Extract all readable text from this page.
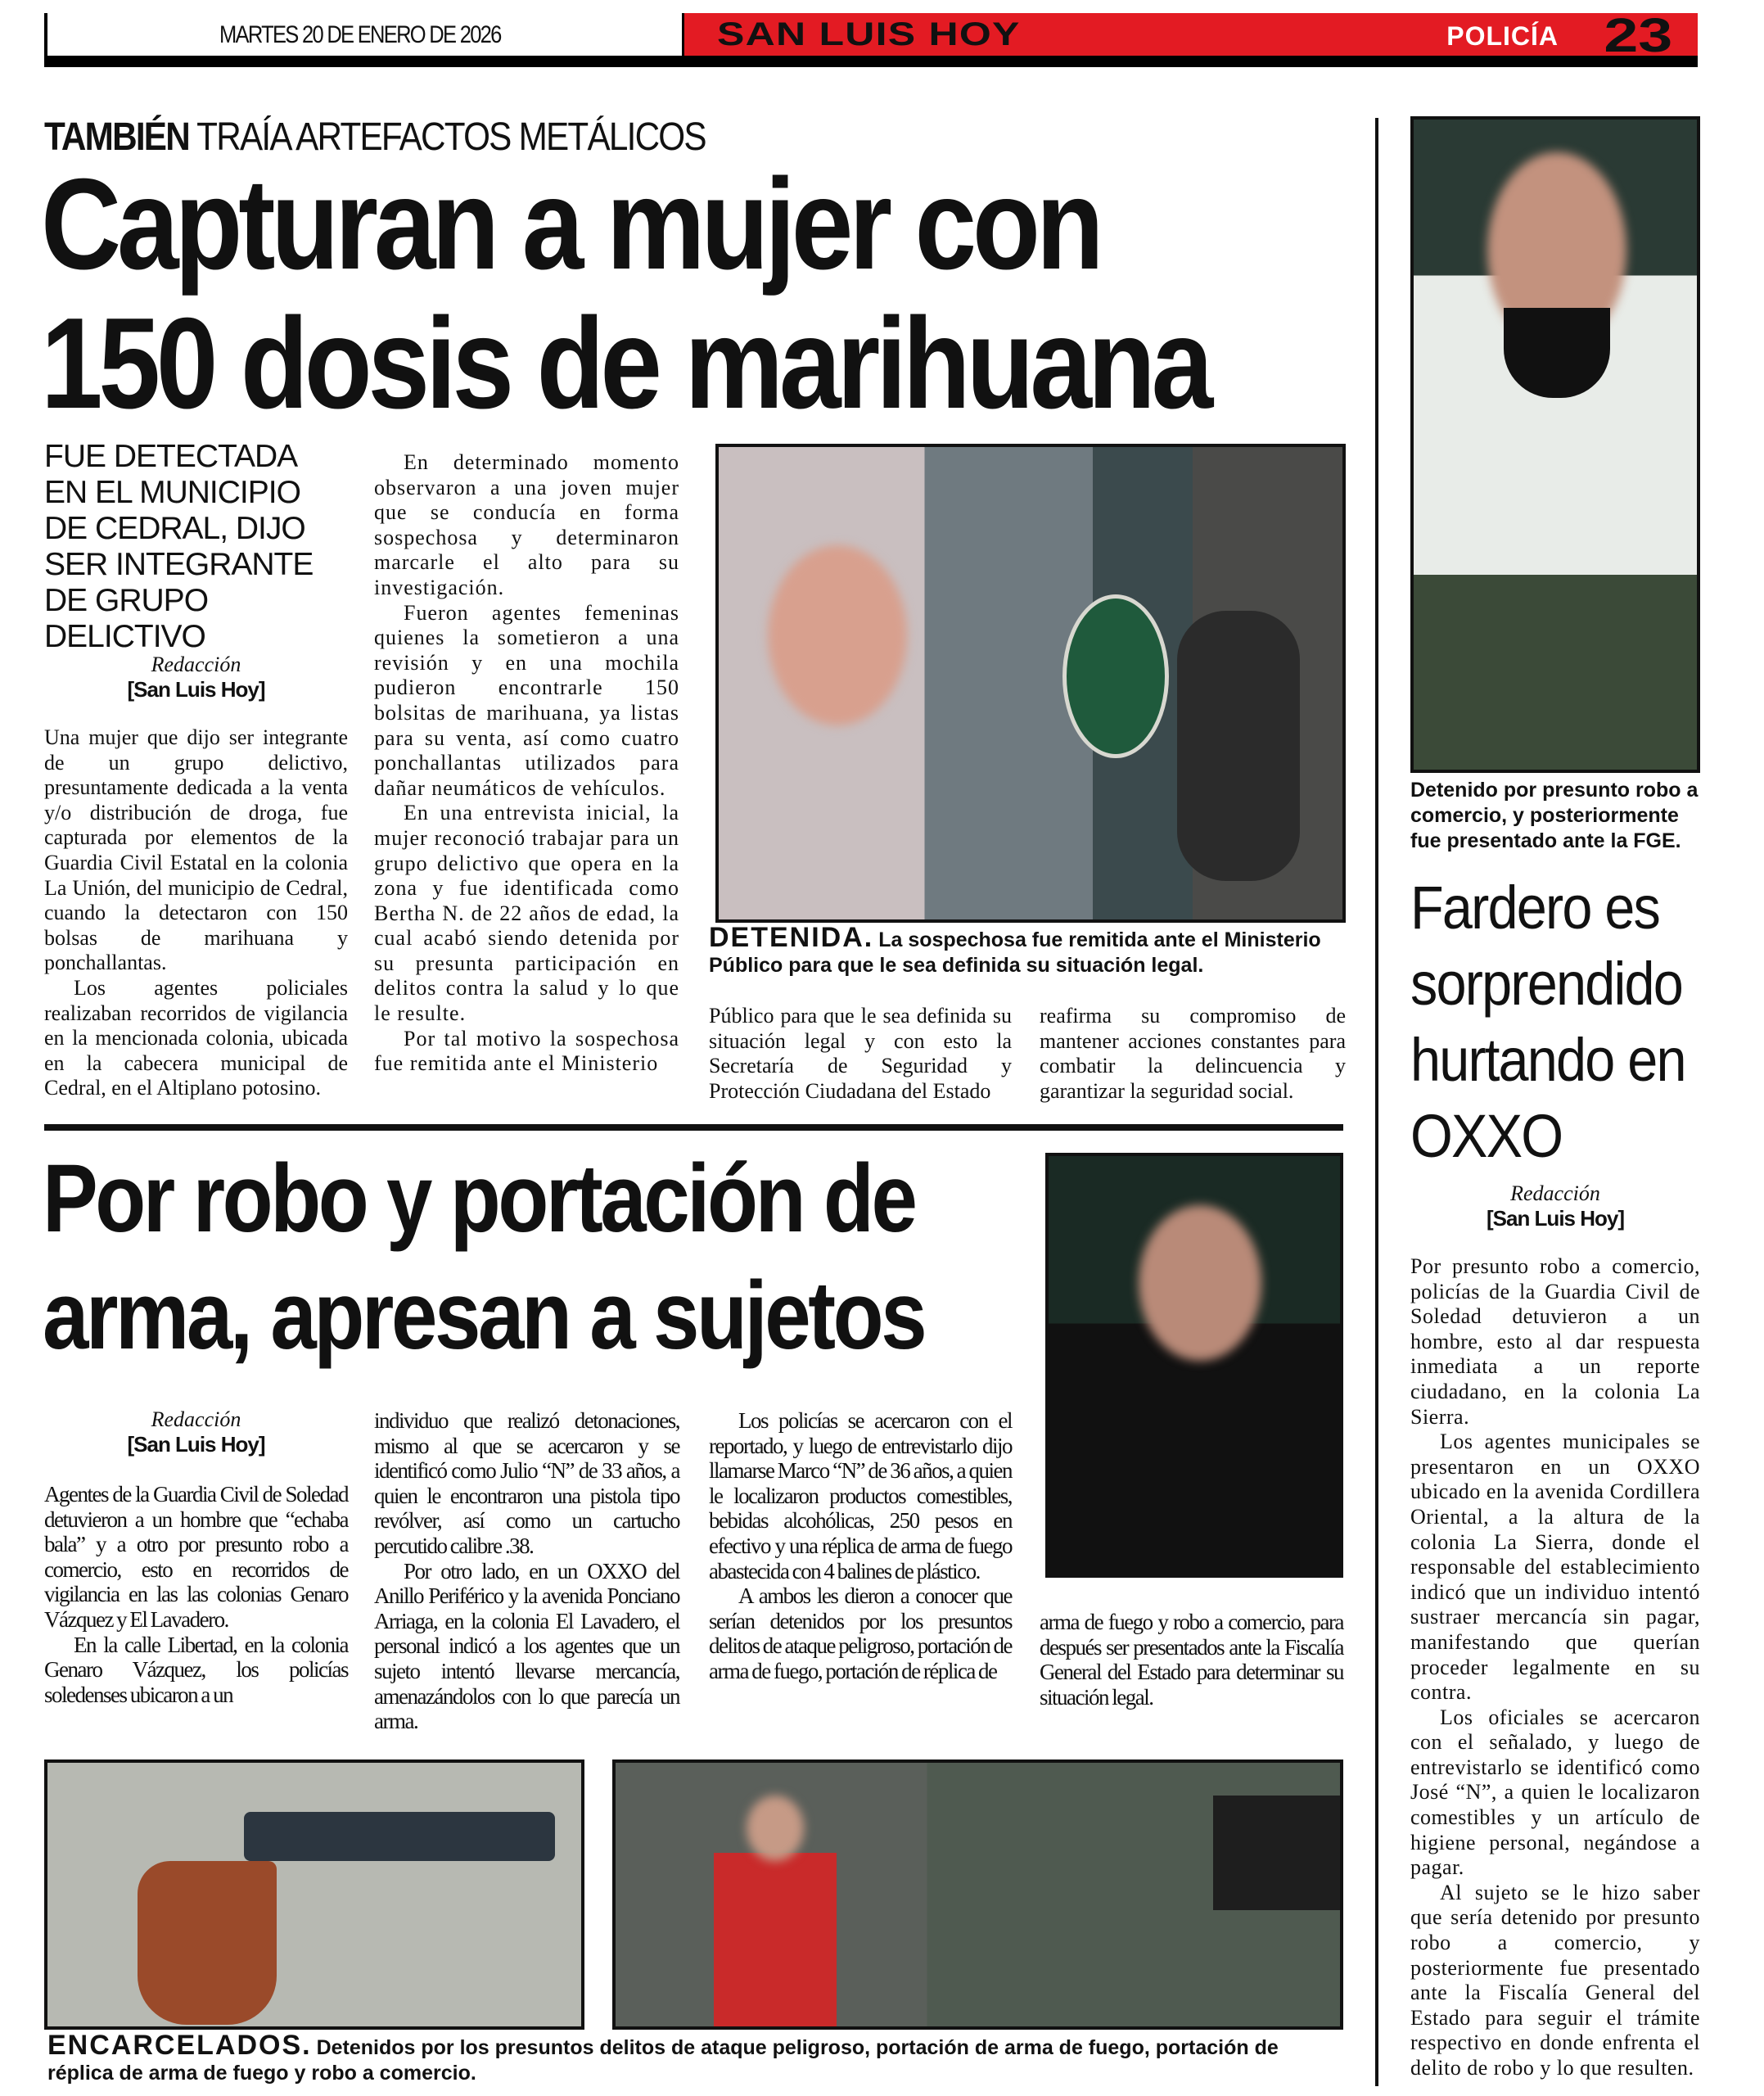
MARTES 20 DE ENERO DE 2026	SAN LUIS HOY	POLICÍA 23
TAMBIÉN TRAÍA ARTEFACTOS METÁLICOS
Capturan a mujer con
150 dosis de marihuana
FUE DETECTADA EN EL MUNICIPIO DE CEDRAL, DIJO SER INTEGRANTE DE GRUPO DELICTIVO
Redacción
[San Luis Hoy]

Una mujer que dijo ser integrante de un grupo delictivo, presuntamente dedicada a la venta y/o distribución de droga, fue capturada por elementos de la Guardia Civil Estatal en la colonia La Unión, del municipio de Cedral, cuando la detectaron con 150 bolsas de marihuana y ponchallantas.

Los agentes policiales realizaban recorridos de vigilancia en la mencionada colonia, ubicada en la cabecera municipal de Cedral, en el Altiplano potosino.

En determinado momento observaron a una joven mujer que se conducía en forma sospechosa y determinaron marcarle el alto para su investigación.

Fueron agentes femeninas quienes la sometieron a una revisión y en una mochila pudieron encontrarle 150 bolsitas de marihuana, ya listas para su venta, así como cuatro ponchallantas utilizados para dañar neumáticos de vehículos.

En una entrevista inicial, la mujer reconoció trabajar para un grupo delictivo que opera en la zona y fue identificada como Bertha N. de 22 años de edad, la cual acabó siendo detenida por su presunta participación en delitos contra la salud y lo que le resulte.

Por tal motivo la sospechosa fue remitida ante el Ministerio

DETENIDA. La sospechosa fue remitida ante el Ministerio Público para que le sea definida su situación legal.

Público para que le sea definida su situación legal y con esto la Secretaría de Seguridad y Protección Ciudadana del Estado

reafirma su compromiso de mantener acciones constantes para combatir la delincuencia y garantizar la seguridad social.

Por robo y portación de
arma, apresan a sujetos
Redacción
[San Luis Hoy]

Agentes de la Guardia Civil de Soledad detuvieron a un hombre que “echaba bala” y a otro por presunto robo a comercio, esto en recorridos de vigilancia en las las colonias Genaro Vázquez y El Lavadero.

En la calle Libertad, en la colonia Genaro Vázquez, los policías soledenses ubicaron a un

individuo que realizó detonaciones, mismo al que se acercaron y se identificó como Julio “N” de 33 años, a quien le encontraron una pistola tipo revólver, así como un cartucho percutido calibre .38.

Por otro lado, en un OXXO del Anillo Periférico y la avenida Ponciano Arriaga, en la colonia El Lavadero, el personal indicó a los agentes que un sujeto intentó llevarse mercancía, amenazándolos con lo que parecía un arma.

Los policías se acercaron con el reportado, y luego de entrevistarlo dijo llamarse Marco “N” de 36 años, a quien le localizaron productos comestibles, bebidas alcohólicas, 250 pesos en efectivo y una réplica de arma de fuego abastecida con 4 balines de plástico.

A ambos les dieron a conocer que serían detenidos por los presuntos delitos de ataque peligroso, portación de arma de fuego, portación de réplica de

arma de fuego y robo a comercio, para después ser presentados ante la Fiscalía General del Estado para determinar su situación legal.

ENCARCELADOS. Detenidos por los presuntos delitos de ataque peligroso, portación de arma de fuego, portación de réplica de arma de fuego y robo a comercio.
Detenido por presunto robo a comercio, y posteriormente fue presentado ante la FGE.
Fardero es sorprendido hurtando en OXXO
Redacción
[San Luis Hoy]

Por presunto robo a comercio, policías de la Guardia Civil de Soledad detuvieron a un hombre, esto al dar respuesta inmediata a un reporte ciudadano, en la colonia La Sierra.

Los agentes municipales se presentaron en un OXXO ubicado en la avenida Cordillera Oriental, a la altura de la colonia La Sierra, donde el responsable del establecimiento indicó que un individuo intentó sustraer mercancía sin pagar, manifestando que querían proceder legalmente en su contra.

Los oficiales se acercaron con el señalado, y luego de entrevistarlo se identificó como José “N”, a quien le localizaron comestibles y un artículo de higiene personal, negándose a pagar.

Al sujeto se le hizo saber que sería detenido por presunto robo a comercio, y posteriormente fue presentado ante la Fiscalía General del Estado para seguir el trámite respectivo en donde enfrenta el delito de robo y lo que resulten.
